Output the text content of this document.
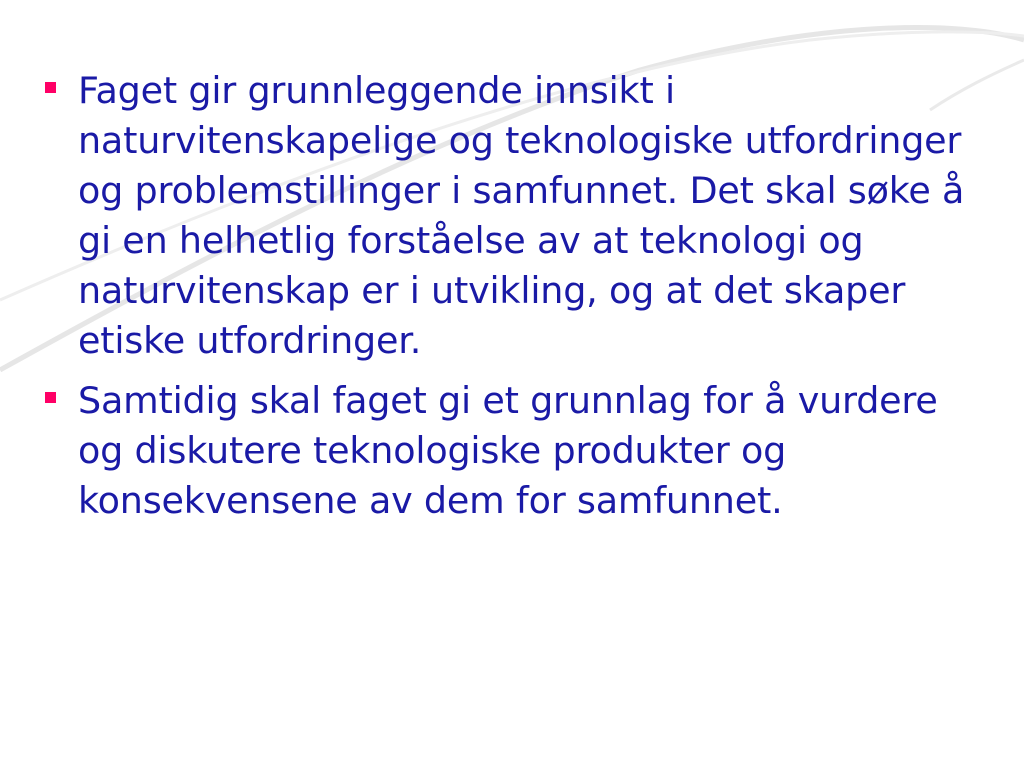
Faget gir grunnleggende innsikt i naturvitenskapelige og teknologiske utfordringer og problemstillinger i samfunnet. Det skal søke å gi en helhetlig forståelse av at teknologi og naturvitenskap er i utvikling, og at det skaper etiske utfordringer.
Samtidig skal faget gi et grunnlag for å vurdere og diskutere teknologiske produkter og konsekvensene av dem for samfunnet.
